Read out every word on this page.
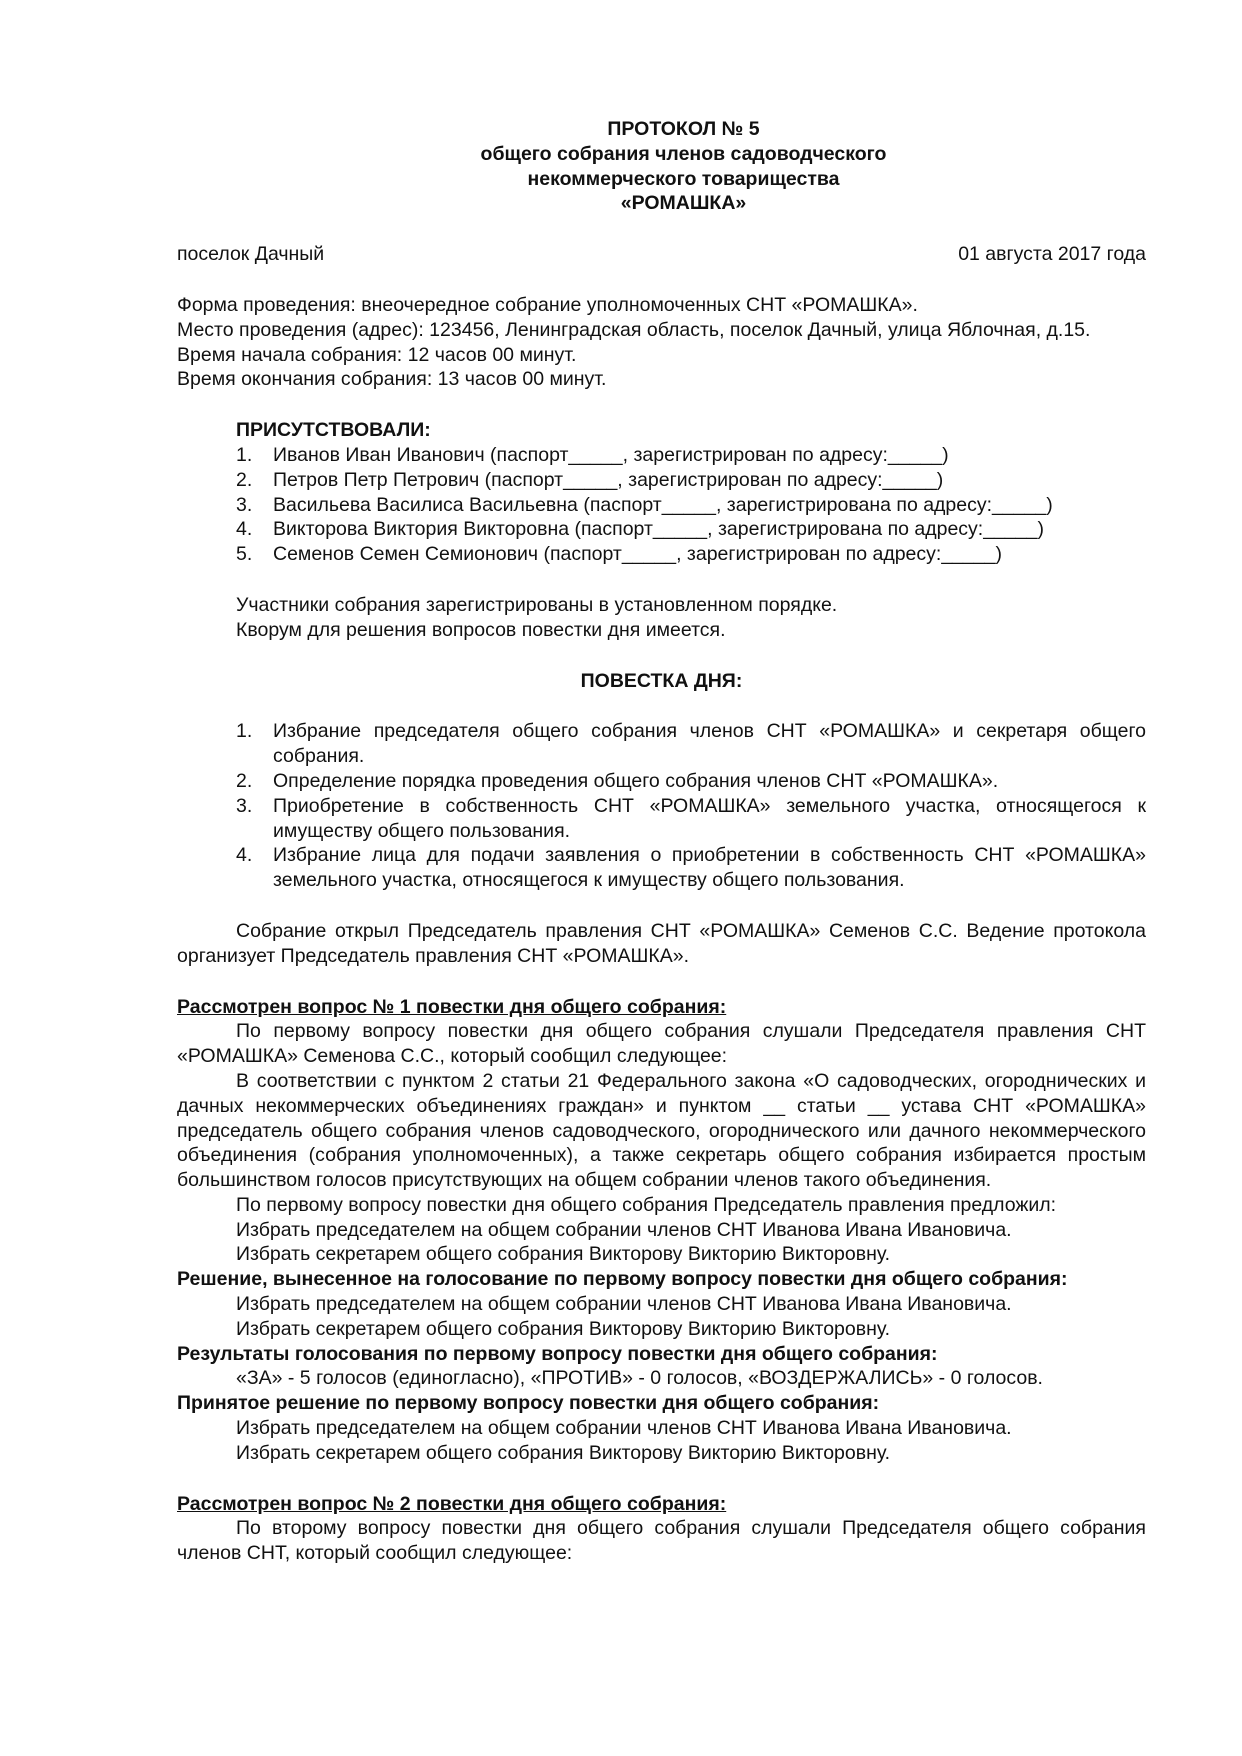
ПРОТОКОЛ № 5
общего собрания членов садоводческого
некоммерческого товарищества
«РОМАШКА»
поселок Дачный	01 августа 2017 года
Форма проведения: внеочередное собрание уполномоченных СНТ «РОМАШКА».
Место проведения (адрес): 123456, Ленинградская область, поселок Дачный, улица Яблочная, д.15.
Время начала собрания: 12 часов 00 минут.
Время окончания собрания: 13 часов 00 минут.
ПРИСУТСТВОВАЛИ:
1.	Иванов Иван Иванович (паспорт_____, зарегистрирован по адресу:_____)
2.	Петров Петр Петрович (паспорт_____, зарегистрирован по адресу:_____)
3.	Васильева Василиса Васильевна (паспорт_____, зарегистрирована по адресу:_____)
4.	Викторова Виктория Викторовна (паспорт_____, зарегистрирована по адресу:_____)
5.	Семенов Семен Семионович (паспорт_____, зарегистрирован по адресу:_____)
Участники собрания зарегистрированы в установленном порядке.
Кворум для решения вопросов повестки дня имеется.
ПОВЕСТКА ДНЯ:
1.	Избрание председателя общего собрания членов СНТ «РОМАШКА» и секретаря общего собрания.
2.	Определение порядка проведения общего собрания членов СНТ «РОМАШКА».
3.	Приобретение в собственность СНТ «РОМАШКА» земельного участка, относящегося к имуществу общего пользования.
4.	Избрание лица для подачи заявления о приобретении в собственность СНТ «РОМАШКА» земельного участка, относящегося к имуществу общего пользования.
Собрание открыл Председатель правления СНТ «РОМАШКА» Семенов С.С. Ведение протокола организует Председатель правления СНТ «РОМАШКА».
Рассмотрен вопрос № 1 повестки дня общего собрания:
По первому вопросу повестки дня общего собрания слушали Председателя правления СНТ «РОМАШКА» Семенова С.С., который сообщил следующее:
В соответствии с пунктом 2 статьи 21 Федерального закона «О садоводческих, огороднических и дачных некоммерческих объединениях граждан» и пунктом __ статьи __ устава СНТ «РОМАШКА» председатель общего собрания членов садоводческого, огороднического или дачного некоммерческого объединения (собрания уполномоченных), а также секретарь общего собрания избирается простым большинством голосов присутствующих на общем собрании членов такого объединения.
По первому вопросу повестки дня общего собрания Председатель правления предложил:
Избрать председателем на общем собрании членов СНТ Иванова Ивана Ивановича.
Избрать секретарем общего собрания Викторову Викторию Викторовну.
Решение, вынесенное на голосование по первому вопросу повестки дня общего собрания:
Избрать председателем на общем собрании членов СНТ Иванова Ивана Ивановича.
Избрать секретарем общего собрания Викторову Викторию Викторовну.
Результаты голосования по первому вопросу повестки дня общего собрания:
«ЗА» - 5 голосов (единогласно), «ПРОТИВ» - 0 голосов, «ВОЗДЕРЖАЛИСЬ» - 0 голосов.
Принятое решение по первому вопросу повестки дня общего собрания:
Избрать председателем на общем собрании членов СНТ Иванова Ивана Ивановича.
Избрать секретарем общего собрания Викторову Викторию Викторовну.
Рассмотрен вопрос № 2 повестки дня общего собрания:
По второму вопросу повестки дня общего собрания слушали Председателя общего собрания членов СНТ, который сообщил следующее:
